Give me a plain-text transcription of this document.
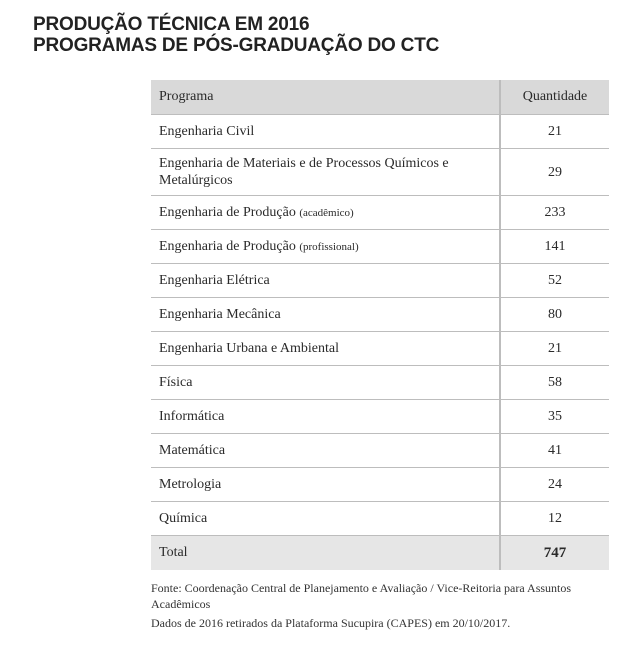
PRODUÇÃO TÉCNICA EM 2016
PROGRAMAS DE PÓS-GRADUAÇÃO DO CTC
Programa	Quantidade
Engenharia Civil	21
Engenharia de Materiais e de Processos Químicos e Metalúrgicos	29
Engenharia de Produção (acadêmico)	233
Engenharia de Produção (profissional)	141
Engenharia Elétrica	52
Engenharia Mecânica	80
Engenharia Urbana e Ambiental	21
Física	58
Informática	35
Matemática	41
Metrologia	24
Química	12
Total	747

Fonte: Coordenação Central de Planejamento e Avaliação / Vice-Reitoria para Assuntos Acadêmicos

Dados de 2016 retirados da Plataforma Sucupira (CAPES) em 20/10/2017.
